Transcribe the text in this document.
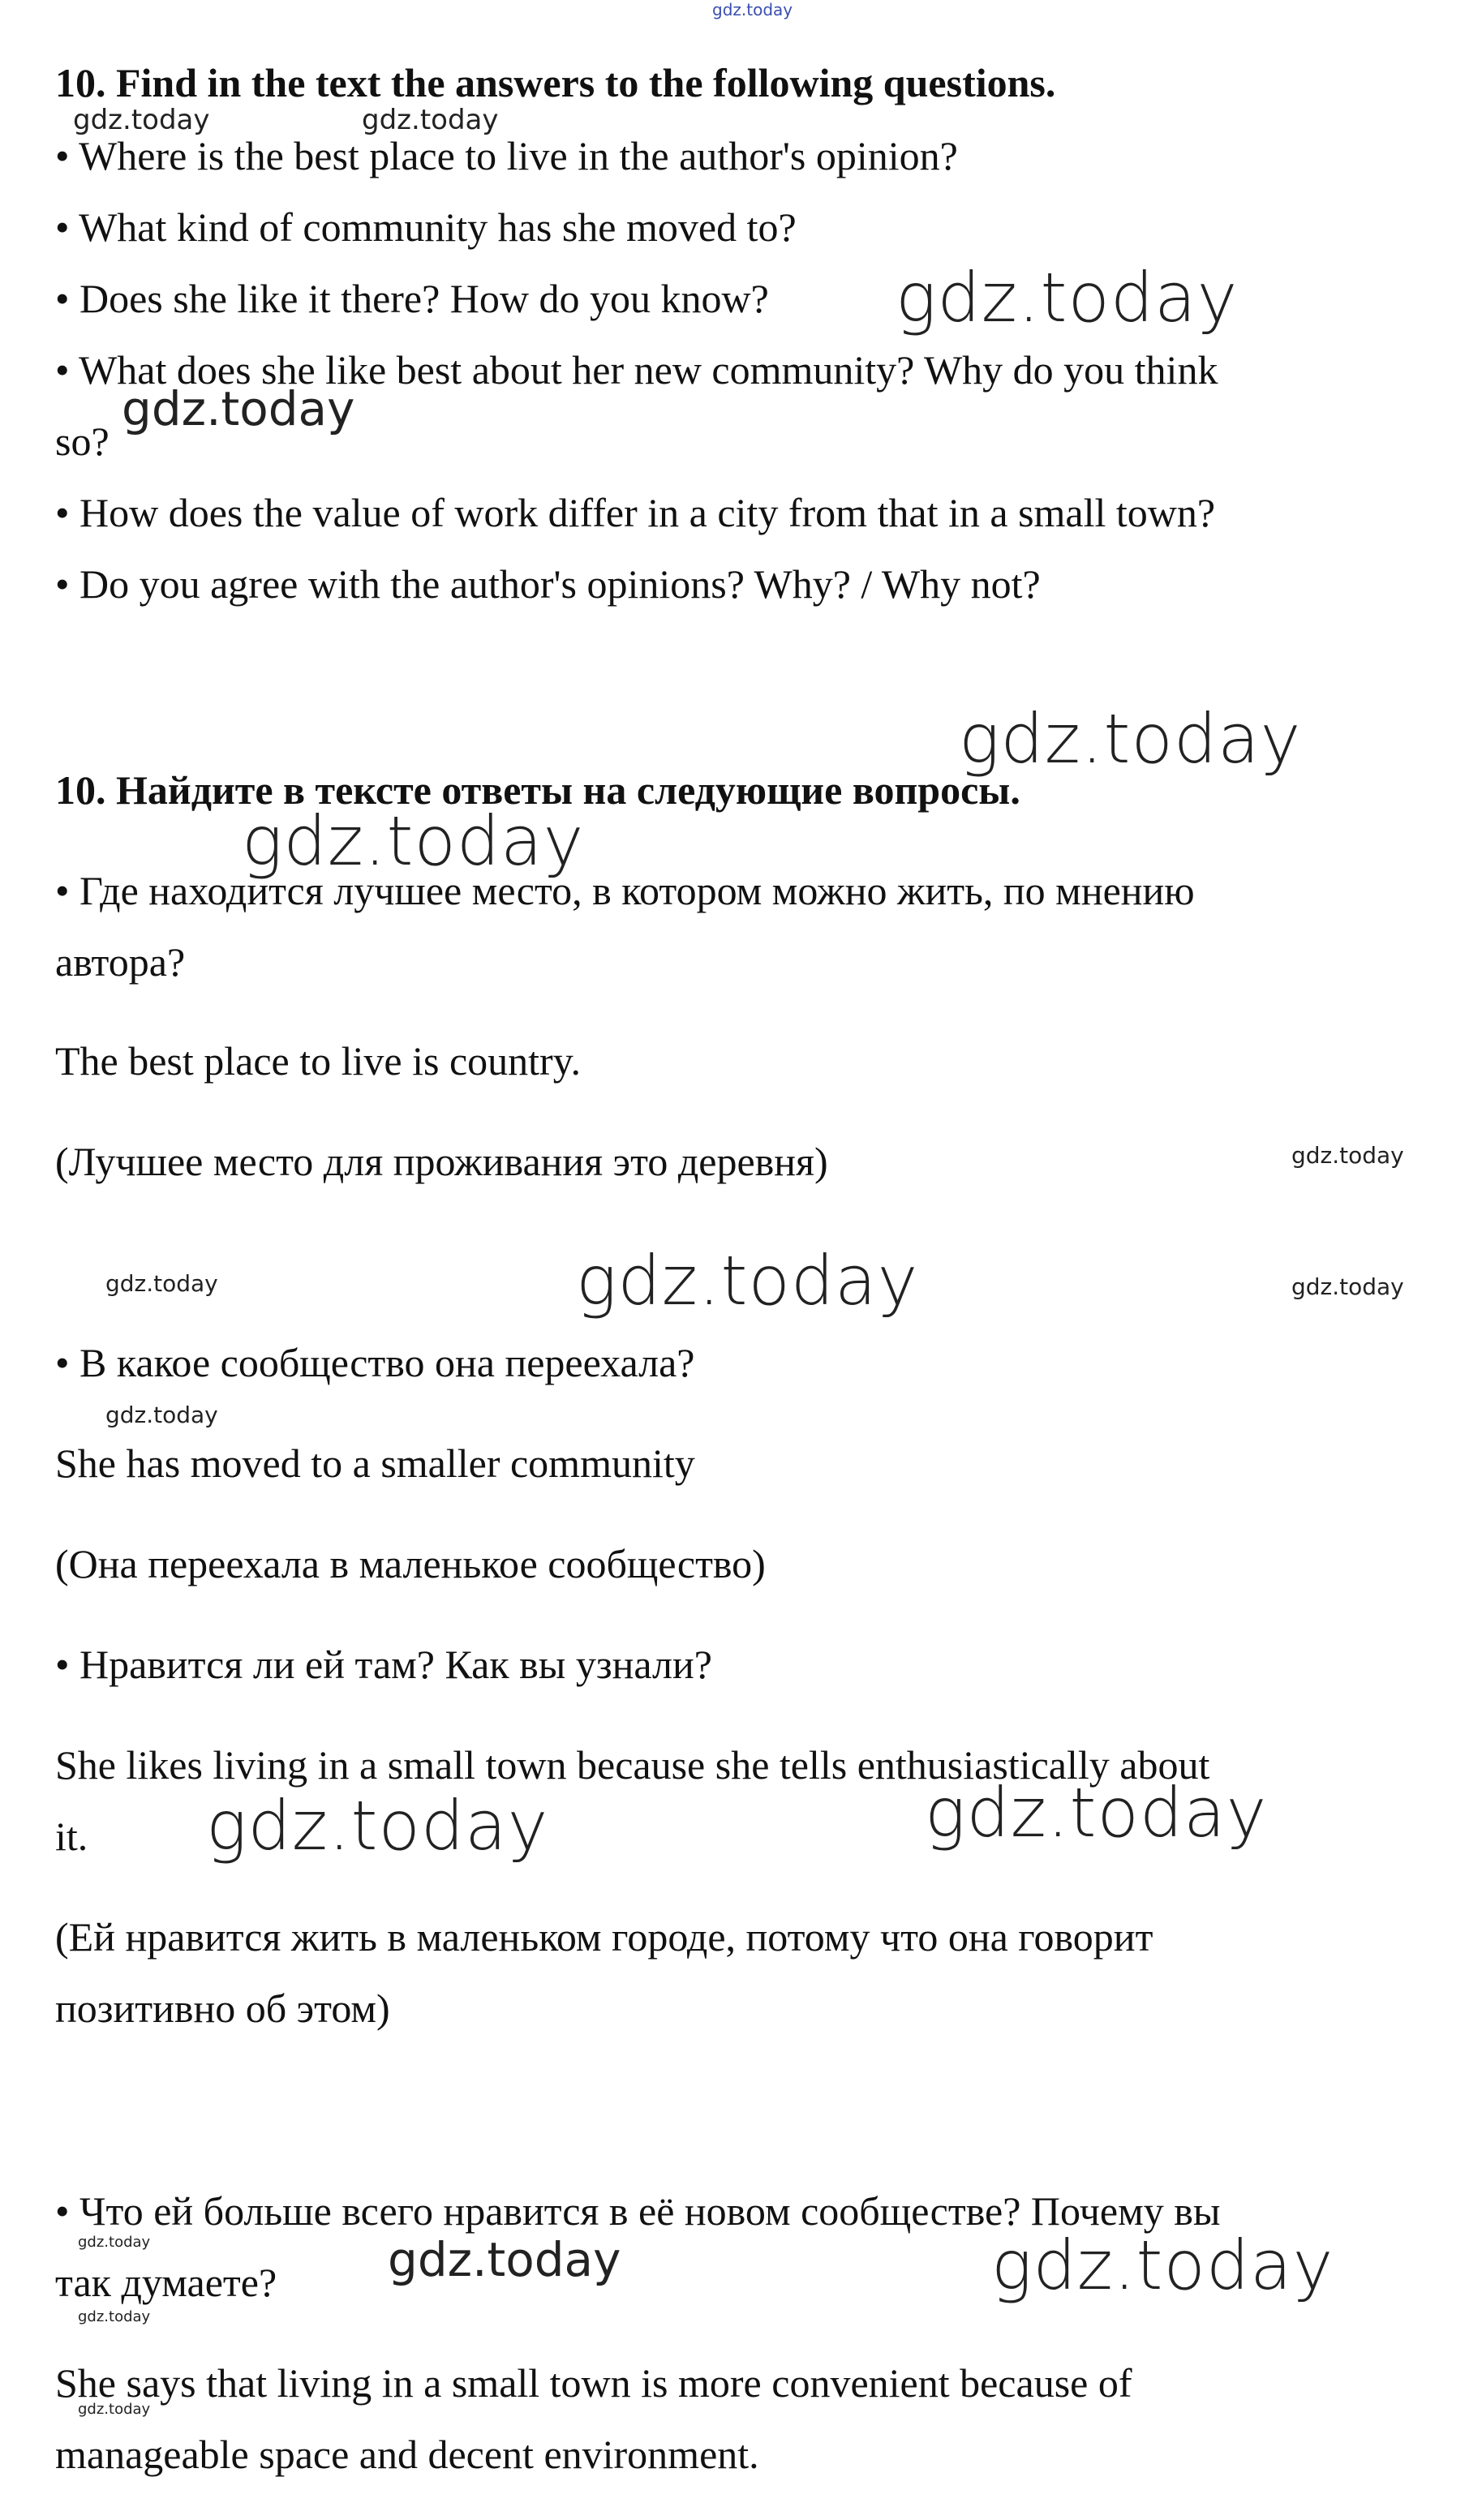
10. Find in the text the answers to the following questions.
• Where is the best place to live in the author's opinion?
• What kind of community has she moved to?
• Does she like it there? How do you know?
• What does she like best about her new community? Why do you think
so?
• How does the value of work differ in a city from that in a small town?
• Do you agree with the author's opinions? Why? / Why not?
10. Найдите в тексте ответы на следующие вопросы.
• Где находится лучшее место, в котором можно жить, по мнению
автора?
The best place to live is country.
(Лучшее место для проживания это деревня)
• В какое сообщество она переехала?
She has moved to a smaller community
(Она переехала в маленькое сообщество)
• Нравится ли ей там? Как вы узнали?
She likes living in a small town because she tells enthusiastically about
it.
(Ей нравится жить в маленьком городе, потому что она говорит
позитивно об этом)
• Что ей больше всего нравится в её новом сообществе? Почему вы
так думаете?
She says that living in a small town is more convenient because of
manageable space and decent environment.
gdz.today
gdz.today	gdz.today
gdz.today
gdz.today
gdz.today
gdz.today
gdz.today
gdz.today	gdz.today	gdz.today
gdz.today
gdz.today	gdz.today
gdz.today	gdz.today	gdz.today
gdz.today
gdz.today
